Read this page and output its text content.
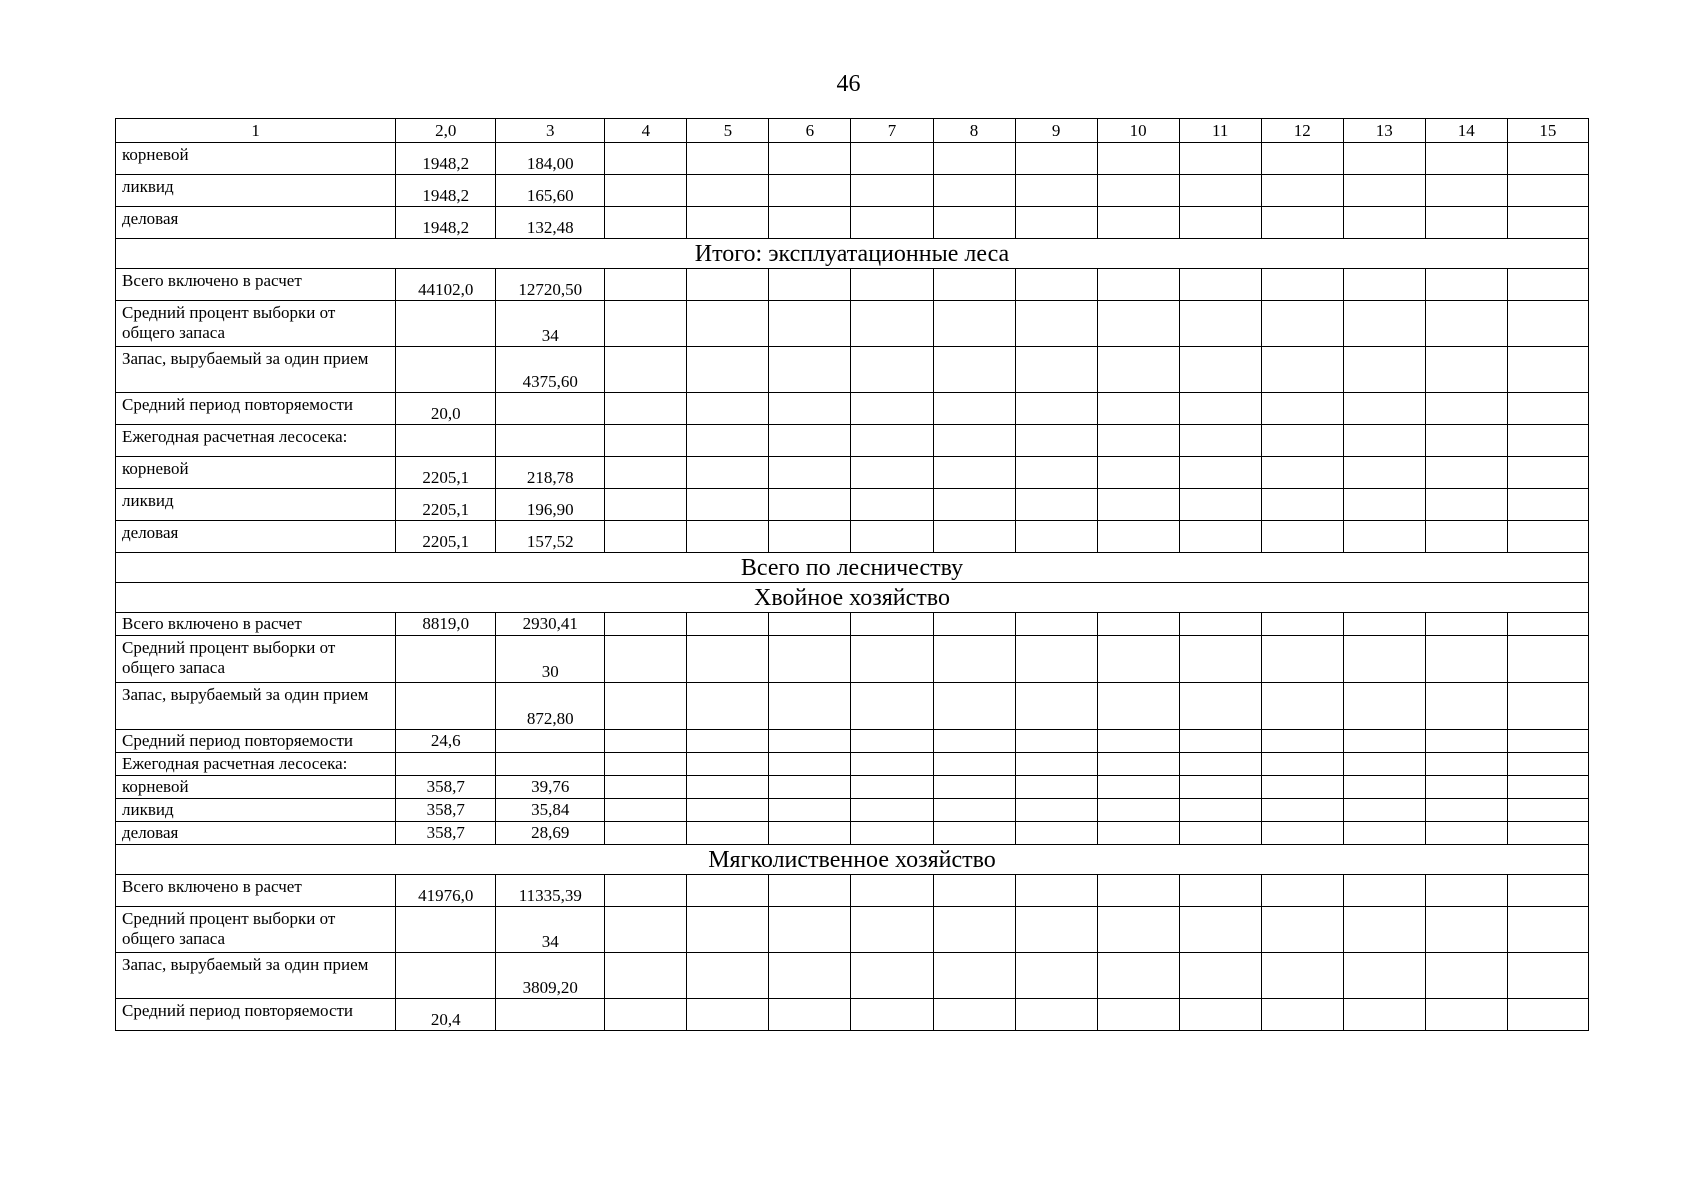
46
1	2,0	3	4	5	6	7	8	9	10	11	12	13	14	15
корневой	1948,2	184,00												
ликвид	1948,2	165,60												
деловая	1948,2	132,48												
Итого: эксплуатационные леса														
Всего включено в расчет	44102,0	12720,50												
Средний процент выборки от общего запаса		34												
Запас, вырубаемый за один прием		4375,60												
Средний период повторяемости	20,0													
Ежегодная расчетная лесосека:														
корневой	2205,1	218,78												
ликвид	2205,1	196,90												
деловая	2205,1	157,52												
Всего по лесничеству														
Хвойное хозяйство														
Всего включено в расчет	8819,0	2930,41												
Средний процент выборки от общего запаса		30												
Запас, вырубаемый за один прием		872,80												
Средний период повторяемости	24,6													
Ежегодная расчетная лесосека:														
корневой	358,7	39,76												
ликвид	358,7	35,84												
деловая	358,7	28,69												
Мягколиственное хозяйство														
Всего включено в расчет	41976,0	11335,39												
Средний процент выборки от общего запаса		34												
Запас, вырубаемый за один прием		3809,20												
Средний период повторяемости	20,4													
